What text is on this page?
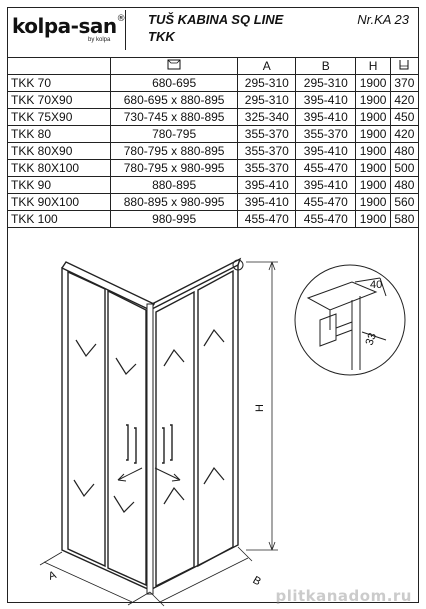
kolpa-san®
by kolpa
TUŠ KABINA SQ LINE
TKK
Nr.KA 23
		A	B	H	
TKK 70	680-695	295-310	295-310	1900	370
TKK 70X90	680-695 x 880-895	295-310	395-410	1900	420
TKK 75X90	730-745 x 880-895	325-340	395-410	1900	450
TKK 80	780-795	355-370	355-370	1900	420
TKK 80X90	780-795 x 880-895	355-370	395-410	1900	480
TKK 80X100	780-795 x 980-995	355-370	455-470	1900	500
TKK 90	880-895	395-410	395-410	1900	480
TKK 90X100	880-895 x 980-995	395-410	455-470	1900	560
TKK 100	980-995	455-470	455-470	1900	580
H
A	B
40
33
plitkanadom.ru
